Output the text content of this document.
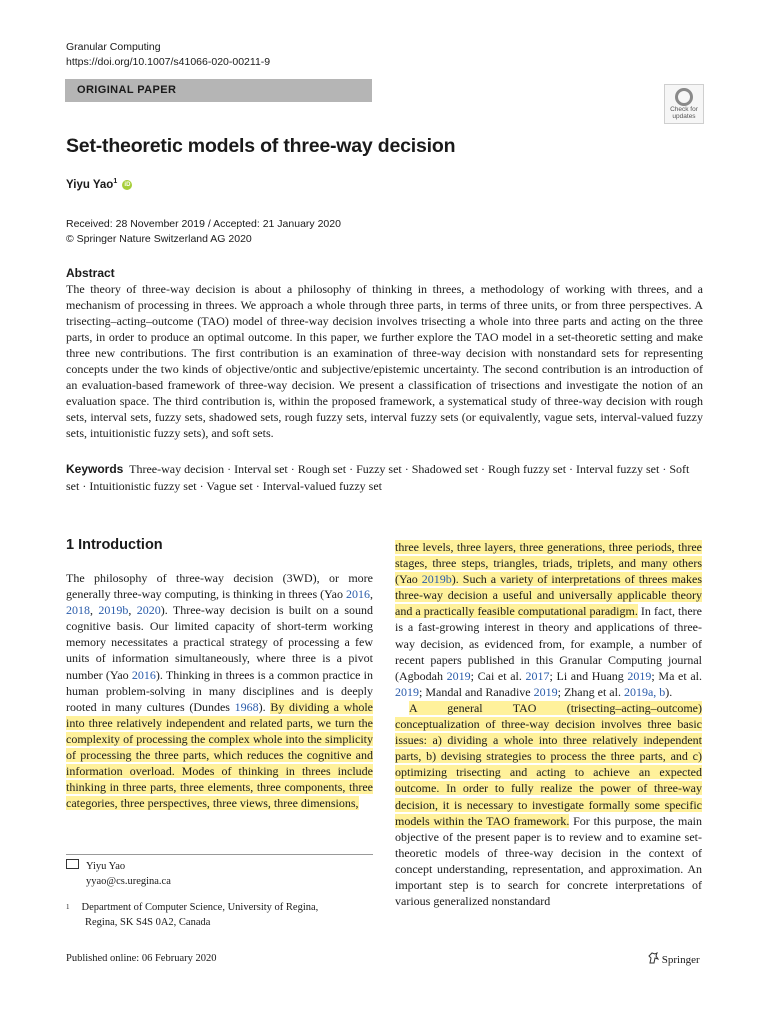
Granular Computing
https://doi.org/10.1007/s41066-020-00211-9
ORIGINAL PAPER
Check for
updates
Set-theoretic models of three-way decision
Yiyu Yao$^1$ iD
Received: 28 November 2019 / Accepted: 21 January 2020
© Springer Nature Switzerland AG 2020
Abstract
The theory of three-way decision is about a philosophy of thinking in threes, a methodology of working with threes, and a mechanism of processing in threes. We approach a whole through three parts, in terms of three units, or from three perspectives. A trisecting–acting–outcome (TAO) model of three-way decision involves trisecting a whole into three parts and acting on the three parts, in order to produce an optimal outcome. In this paper, we further explore the TAO model in a set-theoretic setting and make three new contributions. The first contribution is an examination of three-way decision with nonstandard sets for representing concepts under the two kinds of objective/ontic and subjective/epistemic uncertainty. The second contribution is an introduction of an evaluation-based framework of three-way decision. We present a classification of trisections and investigate the notion of an evaluation space. The third contribution is, within the proposed framework, a systematical study of three-way decision with rough sets, interval sets, fuzzy sets, shadowed sets, rough fuzzy sets, interval fuzzy sets (or equivalently, vague sets, interval-valued fuzzy sets, intuitionistic fuzzy sets), and soft sets.
Keywords Three-way decision · Interval set · Rough set · Fuzzy set · Shadowed set · Rough fuzzy set · Interval fuzzy set · Soft set · Intuitionistic fuzzy set · Vague set · Interval-valued fuzzy set
1 Introduction
The philosophy of three-way decision (3WD), or more generally three-way computing, is thinking in threes (Yao 2016, 2018, 2019b, 2020). Three-way decision is built on a sound cognitive basis. Our limited capacity of short-term working memory necessitates a practical strategy of processing a few units of information simultaneously, where three is a pivot number (Yao 2016). Thinking in threes is a common practice in human problem-solving in many disciplines and is deeply rooted in many cultures (Dundes 1968). By dividing a whole into three relatively independent and related parts, we turn the complexity of processing the complex whole into the simplicity of processing the three parts, which reduces the cognitive and information overload. Modes of thinking in threes include thinking in three parts, three elements, three components, three categories, three perspectives, three views, three dimensions,
three levels, three layers, three generations, three periods, three stages, three steps, triangles, triads, triplets, and many others (Yao 2019b). Such a variety of interpretations of threes makes three-way decision a useful and universally applicable theory and a practically feasible computational paradigm. In fact, there is a fast-growing interest in theory and applications of three-way decision, as evidenced from, for example, a number of recent papers published in this Granular Computing journal (Agbodah 2019; Cai et al. 2017; Li and Huang 2019; Ma et al. 2019; Mandal and Ranadive 2019; Zhang et al. 2019a, b).
A general TAO (trisecting–acting–outcome) conceptualization of three-way decision involves three basic issues: a) dividing a whole into three relatively independent parts, b) devising strategies to process the three parts, and c) optimizing trisecting and acting to achieve an expected outcome. In order to fully realize the power of three-way decision, it is necessary to investigate formally some specific models within the TAO framework. For this purpose, the main objective of the present paper is to review and to examine set-theoretic models of three-way decision in the context of concept understanding, representation, and approximation. An important step is to search for concrete interpretations of various generalized nonstandard
Yiyu Yao
yyao@cs.uregina.ca
$^1$ Department of Computer Science, University of Regina,
Regina, SK S4S 0A2, Canada
Published online: 06 February 2020	Springer
